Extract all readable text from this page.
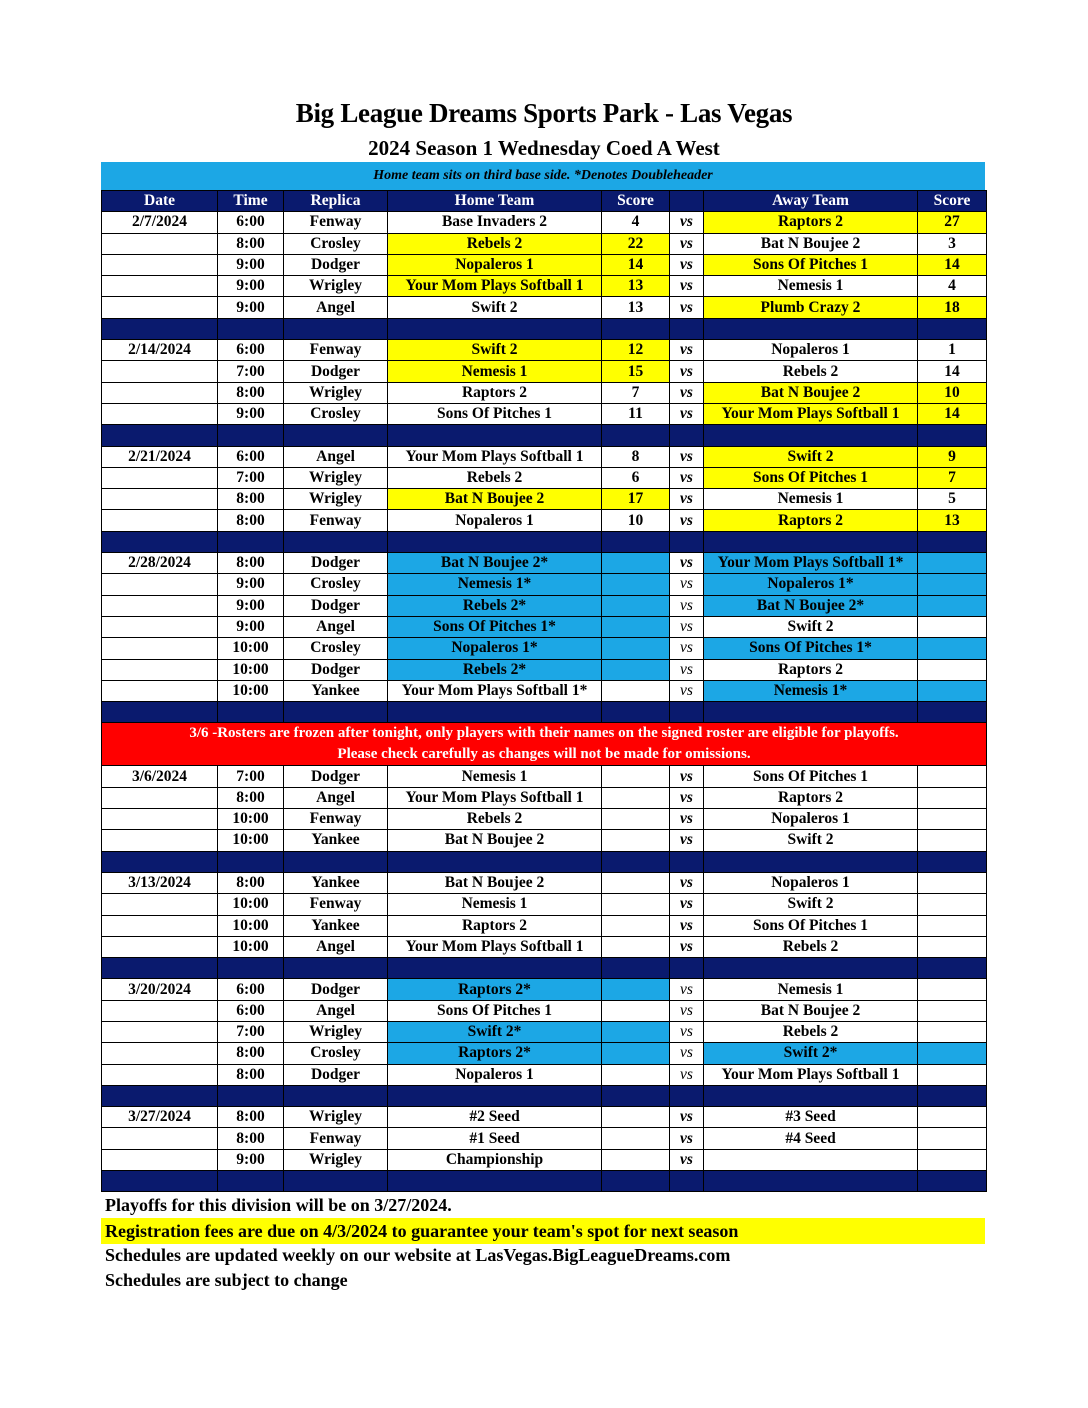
Big League Dreams Sports Park - Las Vegas
2024 Season 1 Wednesday Coed A West
Home team sits on third base side. *Denotes Doubleheader
Date	Time	Replica	Home Team	Score		Away Team	Score
2/7/2024	6:00	Fenway	Base Invaders 2	4	vs	Raptors 2	27
	8:00	Crosley	Rebels 2	22	vs	Bat N Boujee 2	3
	9:00	Dodger	Nopaleros 1	14	vs	Sons Of Pitches 1	14
	9:00	Wrigley	Your Mom Plays Softball 1	13	vs	Nemesis 1	4
	9:00	Angel	Swift 2	13	vs	Plumb Crazy 2	18

2/14/2024	6:00	Fenway	Swift 2	12	vs	Nopaleros 1	1
	7:00	Dodger	Nemesis 1	15	vs	Rebels 2	14
	8:00	Wrigley	Raptors 2	7	vs	Bat N Boujee 2	10
	9:00	Crosley	Sons Of Pitches 1	11	vs	Your Mom Plays Softball 1	14

2/21/2024	6:00	Angel	Your Mom Plays Softball 1	8	vs	Swift 2	9
	7:00	Wrigley	Rebels 2	6	vs	Sons Of Pitches 1	7
	8:00	Wrigley	Bat N Boujee 2	17	vs	Nemesis 1	5
	8:00	Fenway	Nopaleros 1	10	vs	Raptors 2	13

2/28/2024	8:00	Dodger	Bat N Boujee 2*		vs	Your Mom Plays Softball 1*	
	9:00	Crosley	Nemesis 1*		vs	Nopaleros 1*	
	9:00	Dodger	Rebels 2*		vs	Bat N Boujee 2*	
	9:00	Angel	Sons Of Pitches 1*		vs	Swift 2	
	10:00	Crosley	Nopaleros 1*		vs	Sons Of Pitches 1*	
	10:00	Dodger	Rebels 2*		vs	Raptors 2	
	10:00	Yankee	Your Mom Plays Softball 1*		vs	Nemesis 1*	

3/6 -Rosters are frozen after tonight, only players with their names on the signed roster are eligible for playoffs.
Please check carefully as changes will not be made for omissions.							

3/6/2024	7:00	Dodger	Nemesis 1		vs	Sons Of Pitches 1	
	8:00	Angel	Your Mom Plays Softball 1		vs	Raptors 2	
	10:00	Fenway	Rebels 2		vs	Nopaleros 1	
	10:00	Yankee	Bat N Boujee 2		vs	Swift 2	

3/13/2024	8:00	Yankee	Bat N Boujee 2		vs	Nopaleros 1	
	10:00	Fenway	Nemesis 1		vs	Swift 2	
	10:00	Yankee	Raptors 2		vs	Sons Of Pitches 1	
	10:00	Angel	Your Mom Plays Softball 1		vs	Rebels 2	

3/20/2024	6:00	Dodger	Raptors 2*		vs	Nemesis 1	
	6:00	Angel	Sons Of Pitches 1		vs	Bat N Boujee 2	
	7:00	Wrigley	Swift 2*		vs	Rebels 2	
	8:00	Crosley	Raptors 2*		vs	Swift 2*	
	8:00	Dodger	Nopaleros 1		vs	Your Mom Plays Softball 1	

3/27/2024	8:00	Wrigley	#2 Seed		vs	#3 Seed	
	8:00	Fenway	#1 Seed		vs	#4 Seed	
	9:00	Wrigley	Championship		vs		

Playoffs for this division will be on 3/27/2024.
Registration fees are due on 4/3/2024 to guarantee your team's spot for next season
Schedules are updated weekly on our website at LasVegas.BigLeagueDreams.com
Schedules are subject to change
